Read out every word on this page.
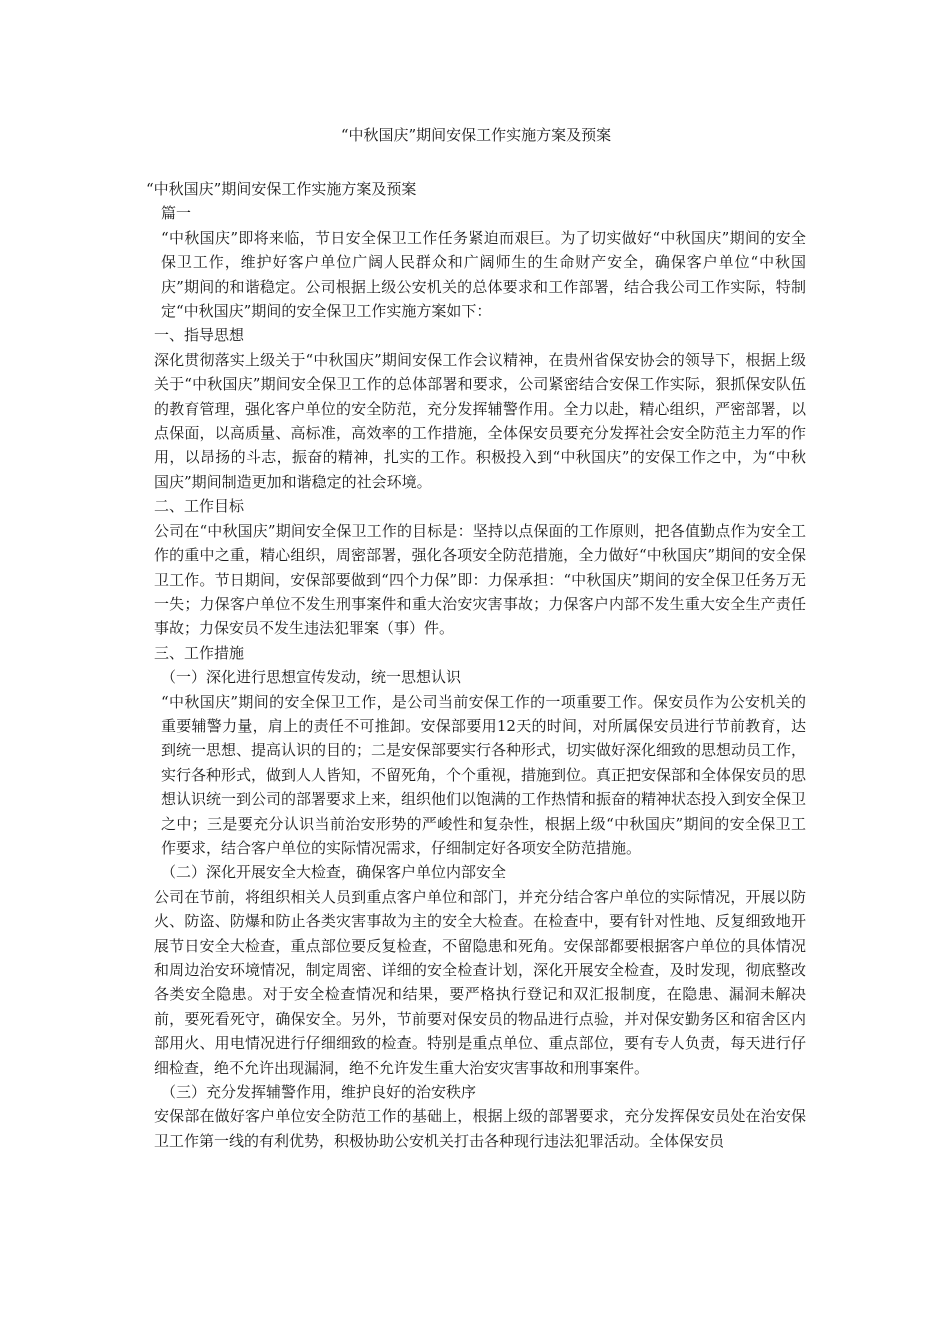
“中秋国庆”期间安保工作实施方案及预案

“中秋国庆”期间安保工作实施方案及预案

篇一

“中秋国庆”即将来临，节日安全保卫工作任务紧迫而艰巨。为了切实做好“中秋国庆”期间的安全保卫工作，维护好客户单位广阔人民群众和广阔师生的生命财产安全，确保客户单位“中秋国庆”期间的和谐稳定。公司根据上级公安机关的总体要求和工作部署，结合我公司工作实际，特制定“中秋国庆”期间的安全保卫工作实施方案如下：

一、指导思想

深化贯彻落实上级关于“中秋国庆”期间安保工作会议精神，在贵州省保安协会的领导下，根据上级关于“中秋国庆”期间安全保卫工作的总体部署和要求，公司紧密结合安保工作实际，狠抓保安队伍的教育管理，强化客户单位的安全防范，充分发挥辅警作用。全力以赴，精心组织，严密部署，以点保面，以高质量、高标准，高效率的工作措施，全体保安员要充分发挥社会安全防范主力军的作用，以昂扬的斗志，振奋的精神，扎实的工作。积极投入到“中秋国庆”的安保工作之中，为“中秋国庆”期间制造更加和谐稳定的社会环境。

二、工作目标

公司在“中秋国庆”期间安全保卫工作的目标是：坚持以点保面的工作原则，把各值勤点作为安全工作的重中之重，精心组织，周密部署，强化各项安全防范措施，全力做好“中秋国庆”期间的安全保卫工作。节日期间，安保部要做到“四个力保”即：力保承担：“中秋国庆”期间的安全保卫任务万无一失；力保客户单位不发生刑事案件和重大治安灾害事故；力保客户内部不发生重大安全生产责任事故；力保安员不发生违法犯罪案（事）件。

三、工作措施

（一）深化进行思想宣传发动，统一思想认识

“中秋国庆”期间的安全保卫工作，是公司当前安保工作的一项重要工作。保安员作为公安机关的重要辅警力量，肩上的责任不可推卸。安保部要用12天的时间，对所属保安员进行节前教育，达到统一思想、提高认识的目的；二是安保部要实行各种形式，切实做好深化细致的思想动员工作，实行各种形式，做到人人皆知，不留死角，个个重视，措施到位。真正把安保部和全体保安员的思想认识统一到公司的部署要求上来，组织他们以饱满的工作热情和振奋的精神状态投入到安全保卫之中；三是要充分认识当前治安形势的严峻性和复杂性，根据上级“中秋国庆”期间的安全保卫工作要求，结合客户单位的实际情况需求，仔细制定好各项安全防范措施。

（二）深化开展安全大检查，确保客户单位内部安全

公司在节前，将组织相关人员到重点客户单位和部门，并充分结合客户单位的实际情况，开展以防火、防盗、防爆和防止各类灾害事故为主的安全大检查。在检查中，要有针对性地、反复细致地开展节日安全大检查，重点部位要反复检查，不留隐患和死角。安保部都要根据客户单位的具体情况和周边治安环境情况，制定周密、详细的安全检查计划，深化开展安全检查，及时发现，彻底整改各类安全隐患。对于安全检查情况和结果，要严格执行登记和双汇报制度，在隐患、漏洞未解决前，要死看死守，确保安全。另外，节前要对保安员的物品进行点验，并对保安勤务区和宿舍区内部用火、用电情况进行仔细细致的检查。特别是重点单位、重点部位，要有专人负责，每天进行仔细检查，绝不允许出现漏洞，绝不允许发生重大治安灾害事故和刑事案件。

（三）充分发挥辅警作用，维护良好的治安秩序

安保部在做好客户单位安全防范工作的基础上，根据上级的部署要求，充分发挥保安员处在治安保卫工作第一线的有利优势，积极协助公安机关打击各种现行违法犯罪活动。全体保安员
